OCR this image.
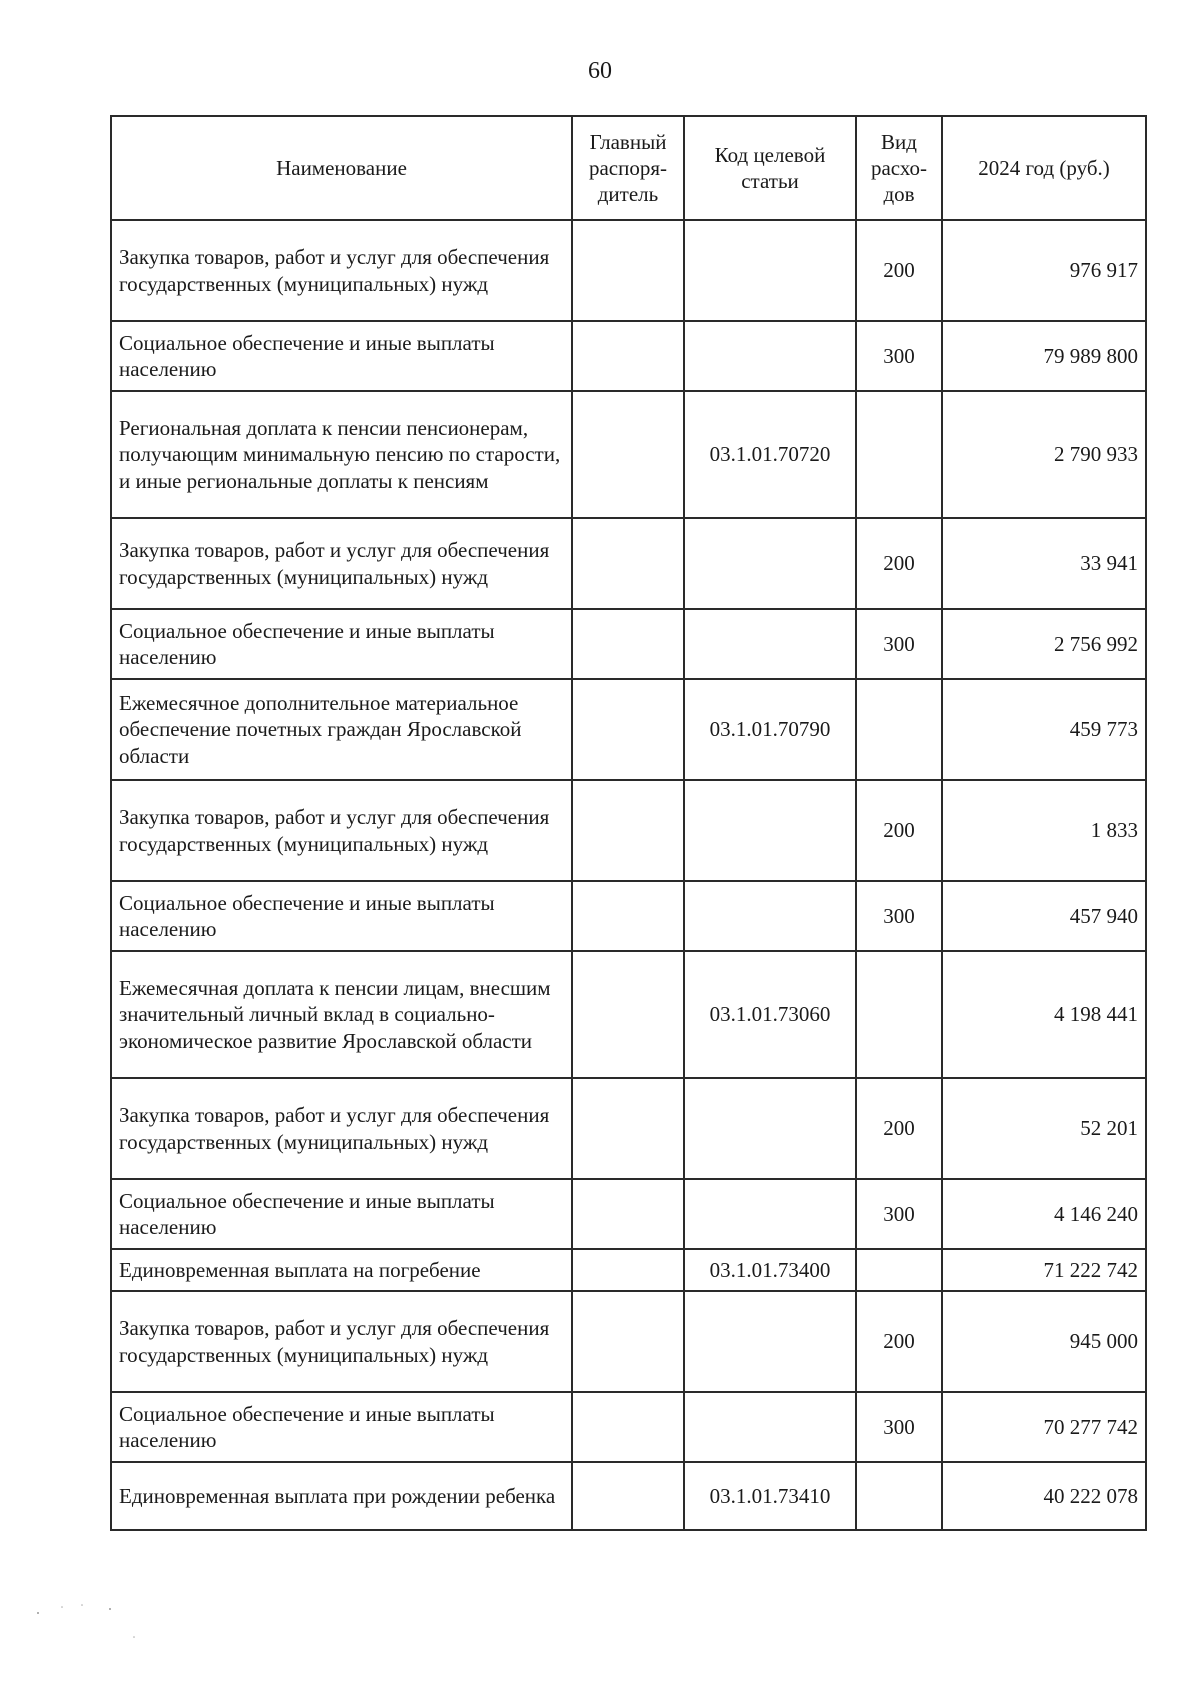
60
Наименование	Главный распоря-дитель	Код целевой статьи	Вид расхо-дов	2024 год (руб.)
Закупка товаров, работ и услуг для обеспечения государственных (муниципальных) нужд			200	976 917
Социальное обеспечение и иные выплаты населению			300	79 989 800
Региональная доплата к пенсии пенсионерам, получающим минимальную пенсию по старости, и иные региональные доплаты к пенсиям		03.1.01.70720		2 790 933
Закупка товаров, работ и услуг для обеспечения государственных (муниципальных) нужд			200	33 941
Социальное обеспечение и иные выплаты населению			300	2 756 992
Ежемесячное дополнительное материальное обеспечение почетных граждан Ярославской области		03.1.01.70790		459 773
Закупка товаров, работ и услуг для обеспечения государственных (муниципальных) нужд			200	1 833
Социальное обеспечение и иные выплаты населению			300	457 940
Ежемесячная доплата к пенсии лицам, внесшим значительный личный вклад в социально-экономическое развитие Ярославской области		03.1.01.73060		4 198 441
Закупка товаров, работ и услуг для обеспечения государственных (муниципальных) нужд			200	52 201
Социальное обеспечение и иные выплаты населению			300	4 146 240
Единовременная выплата на погребение		03.1.01.73400		71 222 742
Закупка товаров, работ и услуг для обеспечения государственных (муниципальных) нужд			200	945 000
Социальное обеспечение и иные выплаты населению			300	70 277 742
Единовременная выплата при рождении ребенка		03.1.01.73410		40 222 078
